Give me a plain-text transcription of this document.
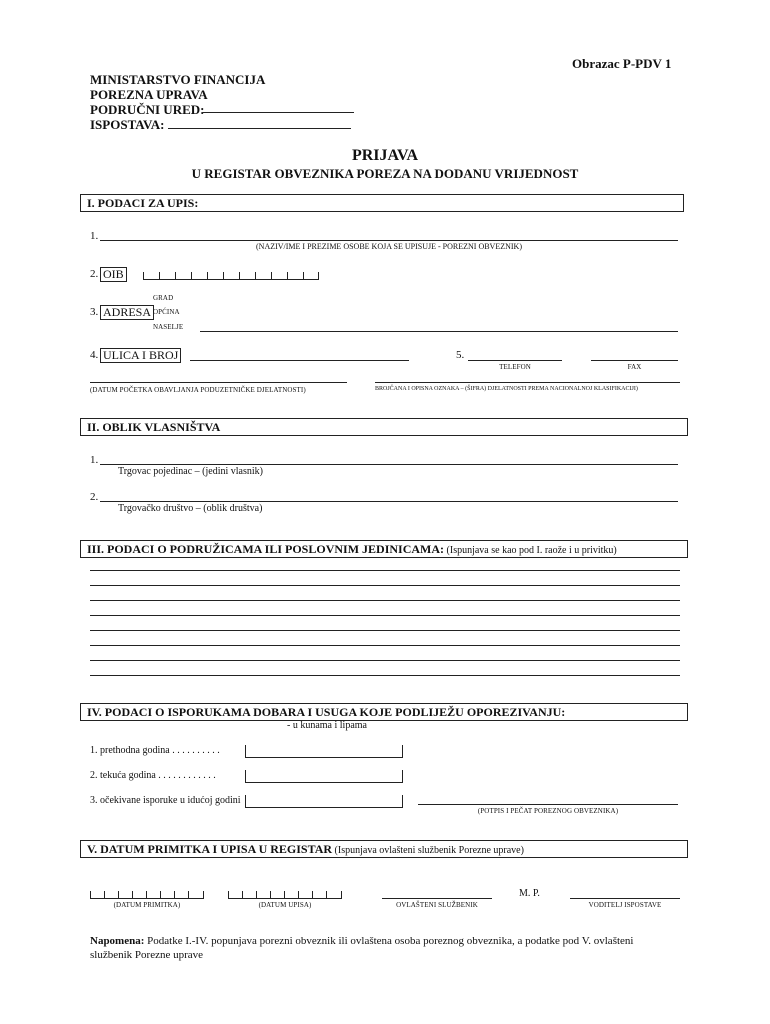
Obrazac P-PDV 1
MINISTARSTVO FINANCIJA
POREZNA UPRAVA
PODRUČNI URED:
ISPOSTAVA:
PRIJAVA
U REGISTAR OBVEZNIKA POREZA NA DODANU VRIJEDNOST
I. PODACI ZA UPIS:
1.
(NAZIV/IME I PREZIME OSOBE KOJA SE UPISUJE - POREZNI OBVEZNIK)
2. OIB
GRAD
3. ADRESA OPĆINA
NASELJE
4. ULICA I BROJ	5.
TELEFON	FAX
(DATUM POČETKA OBAVLJANJA PODUZETNIČKE DJELATNOSTI)	BROJČANA I OPISNA OZNAKA – (ŠIFRA) DJELATNOSTI PREMA NACIONALNOJ KLASIFIKACIJI)
II. OBLIK VLASNIŠTVA
1.
Trgovac pojedinac – (jedini vlasnik)
2.
Trgovačko društvo – (oblik društva)
III. PODACI O PODRUŽICAMA ILI POSLOVNIM JEDINICAMA: (Ispunjava se kao pod I. raože i u privitku)
IV. PODACI O ISPORUKAMA DOBARA I USUGA KOJE PODLIJEŽU OPOREZIVANJU:
- u kunama i lipama
1. prethodna godina . . . . . . . . . .
2. tekuća godina . . . . . . . . . . . .
3. očekivane isporuke u idućoj godini
(POTPIS I PEČAT POREZNOG OBVEZNIKA)
V. DATUM PRIMITKA I UPISA U REGISTAR (Ispunjava ovlašteni službenik Porezne uprave)
(DATUM PRIMITKA)	(DATUM UPISA)	OVLAŠTENI SLUŽBENIK
M. P.
VODITELJ ISPOSTAVE
Napomena: Podatke I.-IV. popunjava porezni obveznik ili ovlaštena osoba poreznog obveznika, a podatke pod V. ovlašteni
službenik Porezne uprave
